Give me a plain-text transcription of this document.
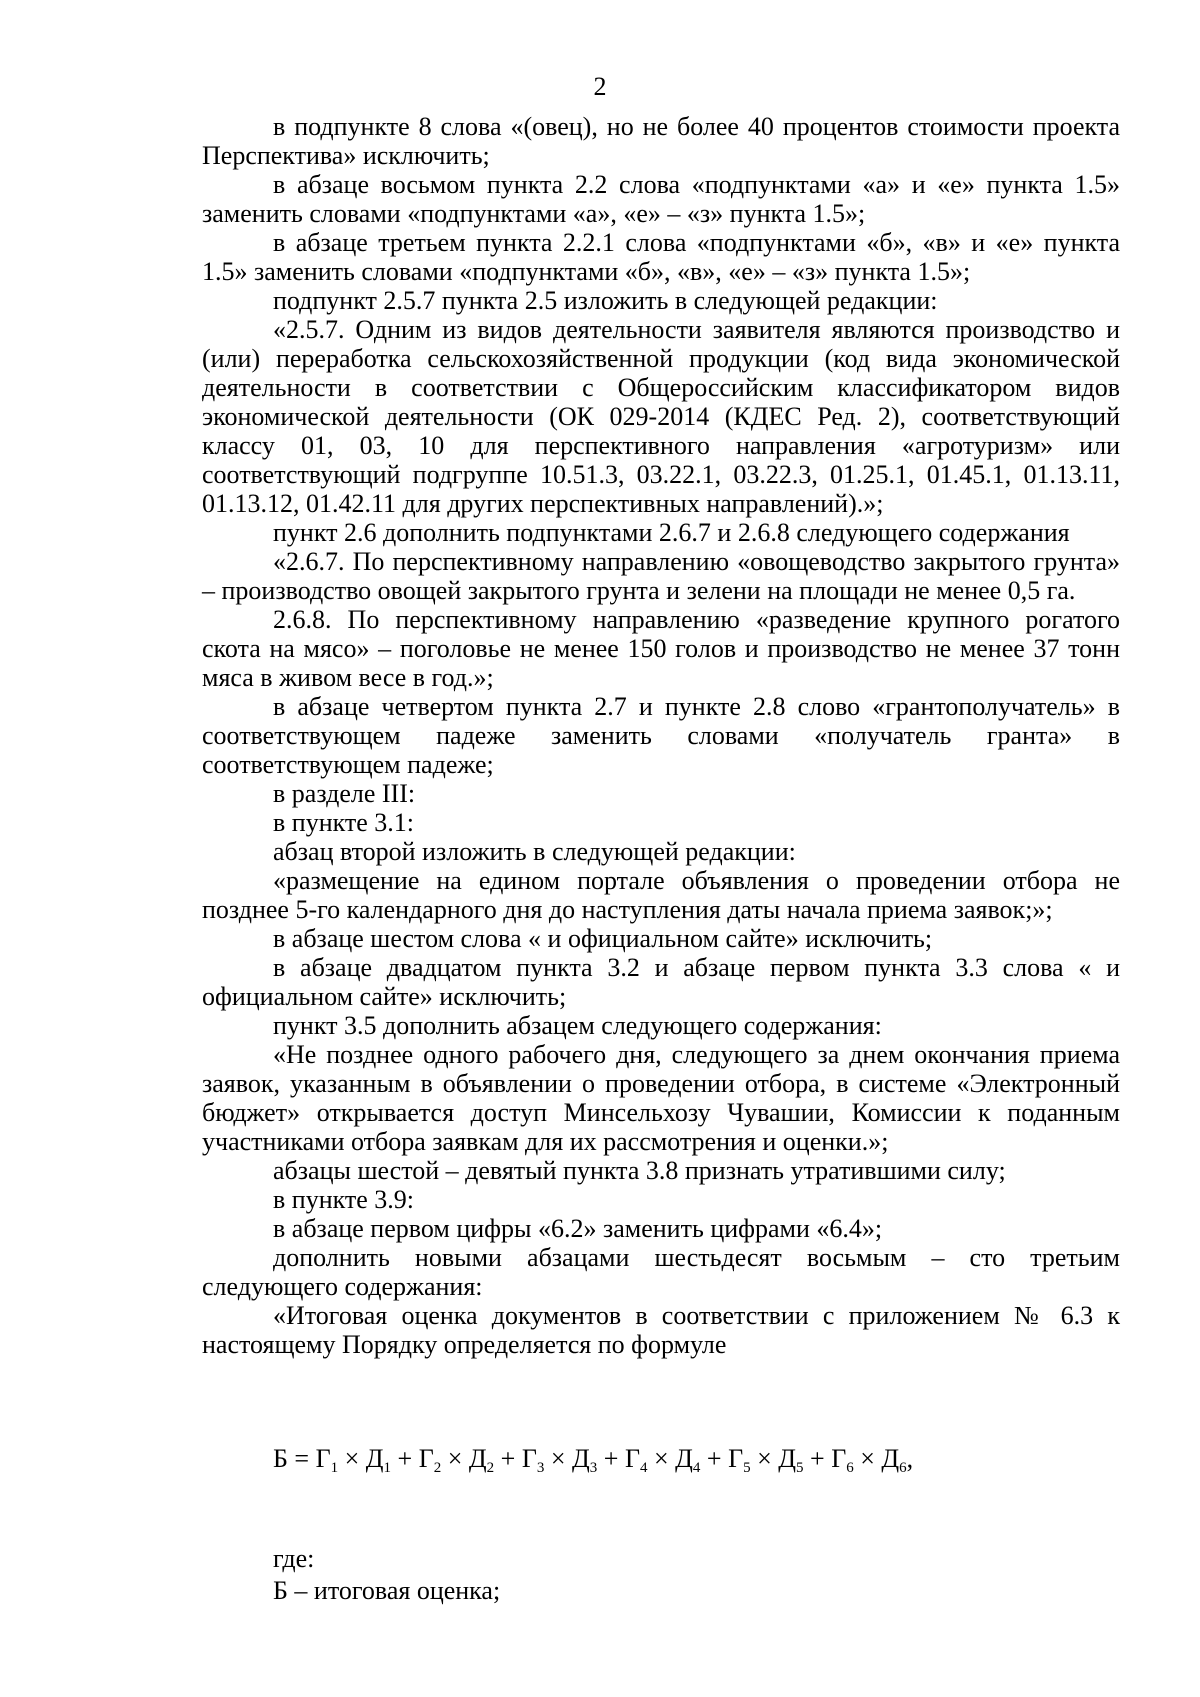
2

в подпункте 8 слова «(овец), но не более 40 процентов стоимости проекта Перспектива» исключить;

в абзаце восьмом пункта 2.2 слова «подпунктами «а» и «е» пункта 1.5» заменить словами «подпунктами «а», «е» – «з» пункта 1.5»;

в абзаце третьем пункта 2.2.1 слова «подпунктами «б», «в» и «е» пункта 1.5» заменить словами «подпунктами «б», «в», «е» – «з» пункта 1.5»;

подпункт 2.5.7 пункта 2.5 изложить в следующей редакции:

«2.5.7. Одним из видов деятельности заявителя являются производство и (или) переработка сельскохозяйственной продукции (код вида экономической деятельности в соответствии с Общероссийским классификатором видов экономической деятельности (ОК 029-2014 (КДЕС Ред. 2), соответствующий классу 01, 03, 10 для перспективного направления «агротуризм» или соответствующий подгруппе 10.51.3, 03.22.1, 03.22.3, 01.25.1, 01.45.1, 01.13.11, 01.13.12, 01.42.11 для других перспективных направлений).»;

пункт 2.6 дополнить подпунктами 2.6.7 и 2.6.8 следующего содержания

«2.6.7. По перспективному направлению «овощеводство закрытого грунта» – производство овощей закрытого грунта и зелени на площади не менее 0,5 га.

2.6.8. По перспективному направлению «разведение крупного рогатого скота на мясо» – поголовье не менее 150 голов и производство не менее 37 тонн мяса в живом весе в год.»;

в абзаце четвертом пункта 2.7 и пункте 2.8 слово «грантополучатель» в соответствующем падеже заменить словами «получатель гранта» в соответствующем падеже;

в разделе III:

в пункте 3.1:

абзац второй изложить в следующей редакции:

«размещение на едином портале объявления о проведении отбора не позднее 5-го календарного дня до наступления даты начала приема заявок;»;

в абзаце шестом слова « и официальном сайте» исключить;

в абзаце двадцатом пункта 3.2 и абзаце первом пункта 3.3 слова « и официальном сайте» исключить;

пункт 3.5 дополнить абзацем следующего содержания:

«Не позднее одного рабочего дня, следующего за днем окончания приема заявок, указанным в объявлении о проведении отбора, в системе «Электронный бюджет» открывается доступ Минсельхозу Чувашии, Комиссии к поданным участниками отбора заявкам для их рассмотрения и оценки.»;

абзацы шестой – девятый пункта 3.8 признать утратившими силу;

в пункте 3.9:

в абзаце первом цифры «6.2» заменить цифрами «6.4»;

дополнить новыми абзацами шестьдесят восьмым – сто третьим следующего содержания:

«Итоговая оценка документов в соответствии с приложением № 6.3 к настоящему Порядку определяется по формуле

$Б = Г_1 \times Д_1 + Г_2 \times Д_2 + Г_3 \times Д_3 + Г_4 \times Д_4 + Г_5 \times Д_5 + Г_6 \times Д_6$,
где:
Б – итоговая оценка;
